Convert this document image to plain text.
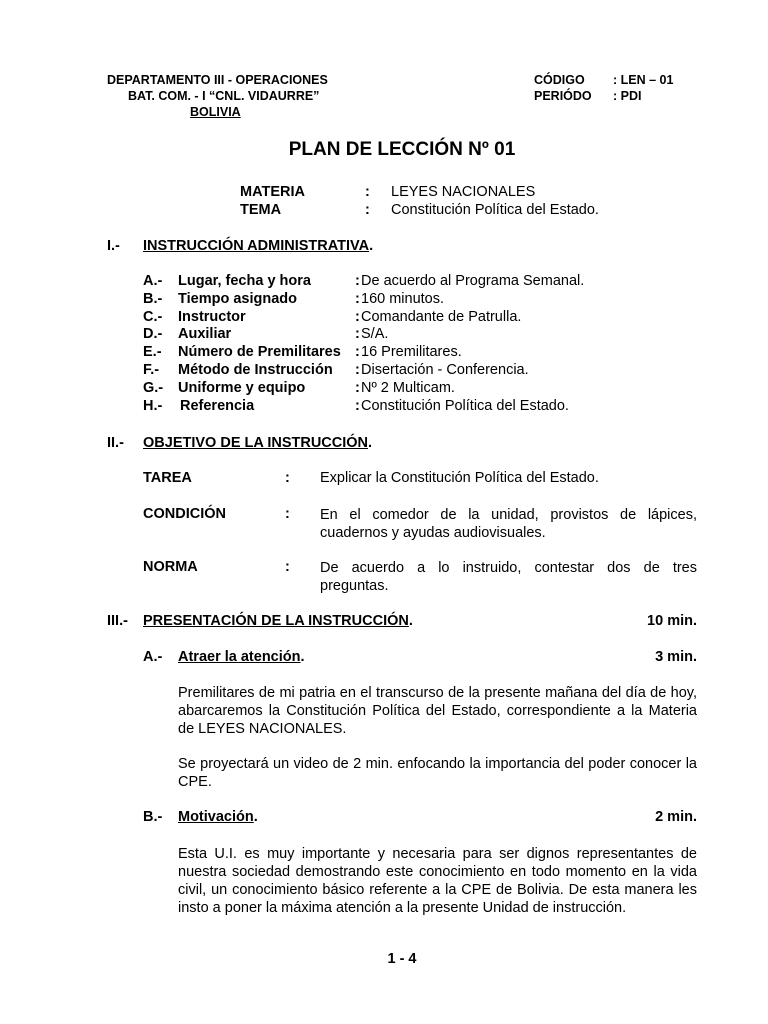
DEPARTAMENTO III - OPERACIONES
BAT. COM. - I “CNL. VIDAURRE”
BOLIVIA
CÓDIGO : LEN – 01
PERIÓDO : PDI
PLAN DE LECCIÓN Nº 01
MATERIA	: LEYES NACIONALES
TEMA	: Constitución Política del Estado.
I.- INSTRUCCIÓN ADMINISTRATIVA.
A.- Lugar, fecha y hora	: De acuerdo al Programa Semanal.
B.- Tiempo asignado	: 160 minutos.
C.- Instructor	: Comandante de Patrulla.
D.- Auxiliar	: S/A.
E.- Número de Premilitares : 16 Premilitares.
F.- Método de Instrucción : Disertación - Conferencia.
G.- Uniforme y equipo	: Nº 2 Multicam.
H.- Referencia	: Constitución Política del Estado.
II.- OBJETIVO DE LA INSTRUCCIÓN.
TAREA	: Explicar la Constitución Política del Estado.
CONDICIÓN	: En el comedor de la unidad, provistos de lápices, cuadernos y ayudas audiovisuales.
NORMA	: De acuerdo a lo instruido, contestar dos de tres preguntas.
III.- PRESENTACIÓN DE LA INSTRUCCIÓN.	10 min.
A.- Atraer la atención.	3 min.
Premilitares de mi patria en el transcurso de la presente mañana del día de hoy, abarcaremos la Constitución Política del Estado, correspondiente a la Materia de LEYES NACIONALES.
Se proyectará un video de 2 min. enfocando la importancia del poder conocer la CPE.
B.- Motivación.	2 min.
Esta U.I. es muy importante y necesaria para ser dignos representantes de nuestra sociedad demostrando este conocimiento en todo momento en la vida civil, un conocimiento básico referente a la CPE de Bolivia. De esta manera les insto a poner la máxima atención a la presente Unidad de instrucción.
1 - 4
